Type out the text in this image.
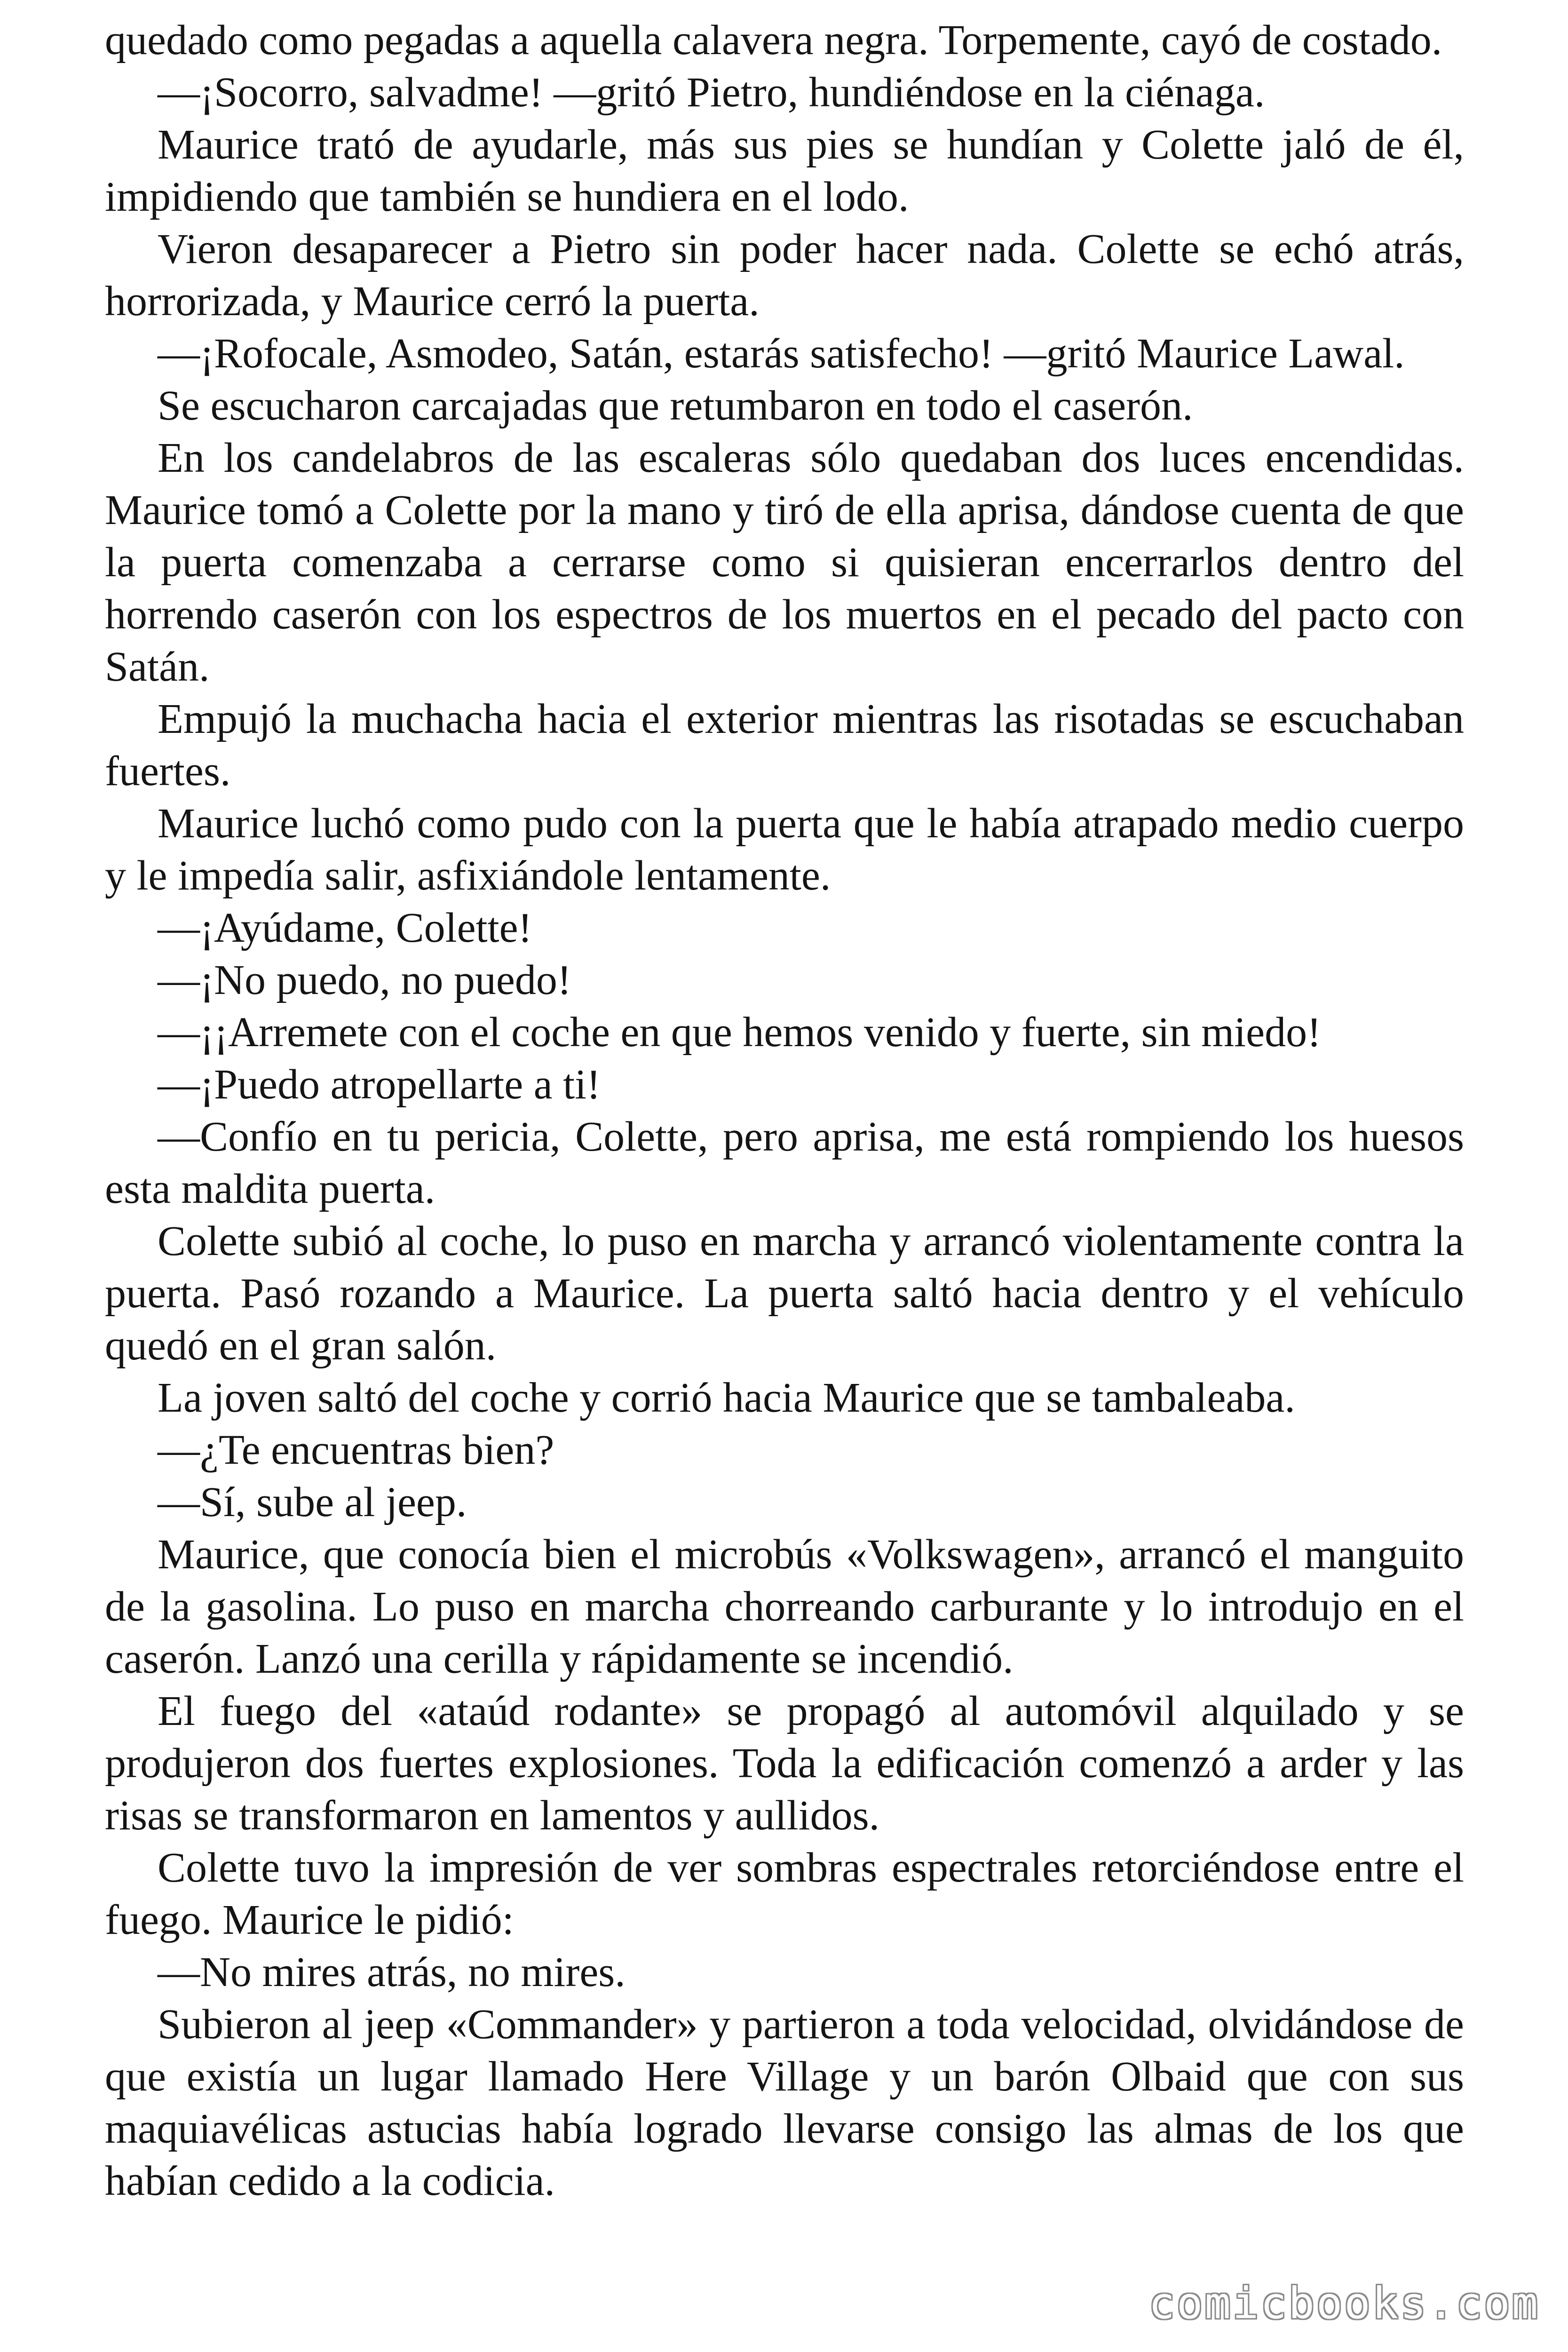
quedado como pegadas a aquella calavera negra. Torpemente, cayó de costado.

—¡Socorro, salvadme! —gritó Pietro, hundiéndose en la ciénaga.

Maurice trató de ayudarle, más sus pies se hundían y Colette jaló de él, impidiendo que también se hundiera en el lodo.

Vieron desaparecer a Pietro sin poder hacer nada. Colette se echó atrás, horrorizada, y Maurice cerró la puerta.

—¡Rofocale, Asmodeo, Satán, estarás satisfecho! —gritó Maurice Lawal.

Se escucharon carcajadas que retumbaron en todo el caserón.

En los candelabros de las escaleras sólo quedaban dos luces encendidas. Maurice tomó a Colette por la mano y tiró de ella aprisa, dándose cuenta de que la puerta comenzaba a cerrarse como si quisieran encerrarlos dentro del horrendo caserón con los espectros de los muertos en el pecado del pacto con Satán.

Empujó la muchacha hacia el exterior mientras las risotadas se escuchaban fuertes.

Maurice luchó como pudo con la puerta que le había atrapado medio cuerpo y le impedía salir, asfixiándole lentamente.

—¡Ayúdame, Colette!

—¡No puedo, no puedo!

—¡¡Arremete con el coche en que hemos venido y fuerte, sin miedo!

—¡Puedo atropellarte a ti!

—Confío en tu pericia, Colette, pero aprisa, me está rompiendo los huesos esta maldita puerta.

Colette subió al coche, lo puso en marcha y arrancó violentamente contra la puerta. Pasó rozando a Maurice. La puerta saltó hacia dentro y el vehículo quedó en el gran salón.

La joven saltó del coche y corrió hacia Maurice que se tambaleaba.

—¿Te encuentras bien?

—Sí, sube al jeep.

Maurice, que conocía bien el microbús «Volkswagen», arrancó el manguito de la gasolina. Lo puso en marcha chorreando carburante y lo introdujo en el caserón. Lanzó una cerilla y rápidamente se incendió.

El fuego del «ataúd rodante» se propagó al automóvil alquilado y se produjeron dos fuertes explosiones. Toda la edificación comenzó a arder y las risas se transformaron en lamentos y aullidos.

Colette tuvo la impresión de ver sombras espectrales retorciéndose entre el fuego. Maurice le pidió:

—No mires atrás, no mires.

Subieron al jeep «Commander» y partieron a toda velocidad, olvidándose de que existía un lugar llamado Here Village y un barón Olbaid que con sus maquiavélicas astucias había logrado llevarse consigo las almas de los que habían cedido a la codicia.

comicbooks.com
